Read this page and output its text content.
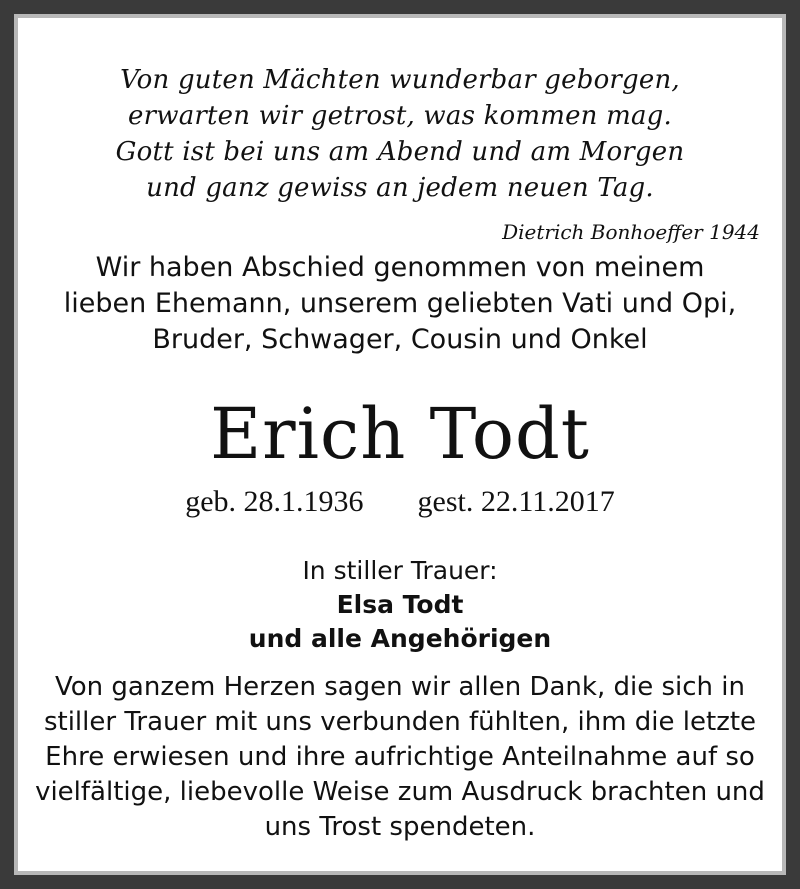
Von guten Mächten wunderbar geborgen,
erwarten wir getrost, was kommen mag.
Gott ist bei uns am Abend und am Morgen
und ganz gewiss an jedem neuen Tag.
Dietrich Bonhoeffer 1944
Wir haben Abschied genommen von meinem
lieben Ehemann, unserem geliebten Vati und Opi,
Bruder, Schwager, Cousin und Onkel
Erich Todt
geb. 28.1.1936 gest. 22.11.2017
In stiller Trauer:
Elsa Todt
und alle Angehörigen
Von ganzem Herzen sagen wir allen Dank, die sich in
stiller Trauer mit uns verbunden fühlten, ihm die letzte
Ehre erwiesen und ihre aufrichtige Anteilnahme auf so
vielfältige, liebevolle Weise zum Ausdruck brachten und
uns Trost spendeten.
